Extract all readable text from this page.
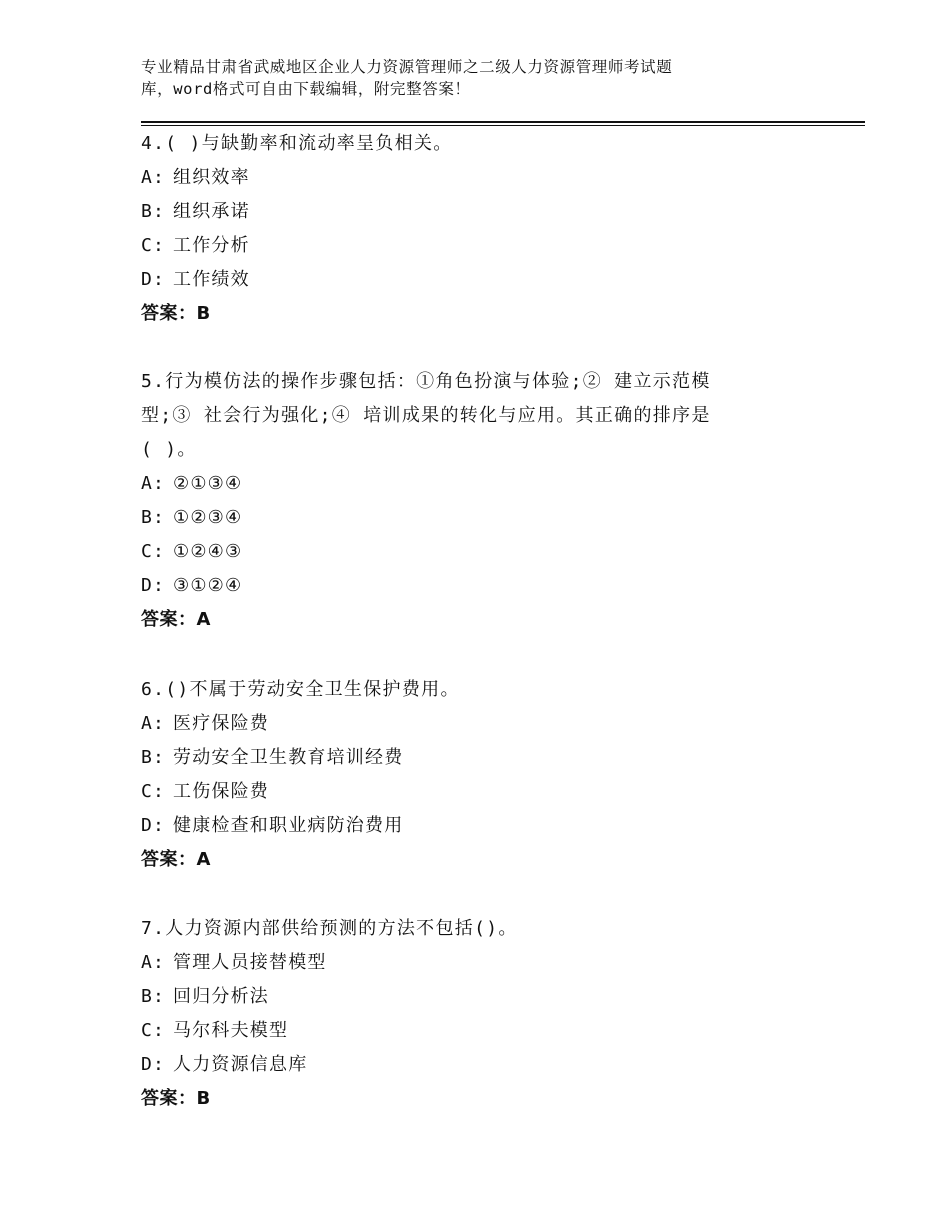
专业精品甘肃省武威地区企业人力资源管理师之二级人力资源管理师考试题
库，word格式可自由下载编辑，附完整答案！
4.( )与缺勤率和流动率呈负相关。
A: 组织效率
B: 组织承诺
C: 工作分析
D: 工作绩效
答案：B
5.行为模仿法的操作步骤包括：①角色扮演与体验;② 建立示范模
型;③ 社会行为强化;④ 培训成果的转化与应用。其正确的排序是
( )。
A: ②①③④
B: ①②③④
C: ①②④③
D: ③①②④
答案：A
6.()不属于劳动安全卫生保护费用。
A: 医疗保险费
B: 劳动安全卫生教育培训经费
C: 工伤保险费
D: 健康检查和职业病防治费用
答案：A
7.人力资源内部供给预测的方法不包括()。
A: 管理人员接替模型
B: 回归分析法
C: 马尔科夫模型
D: 人力资源信息库
答案：B
